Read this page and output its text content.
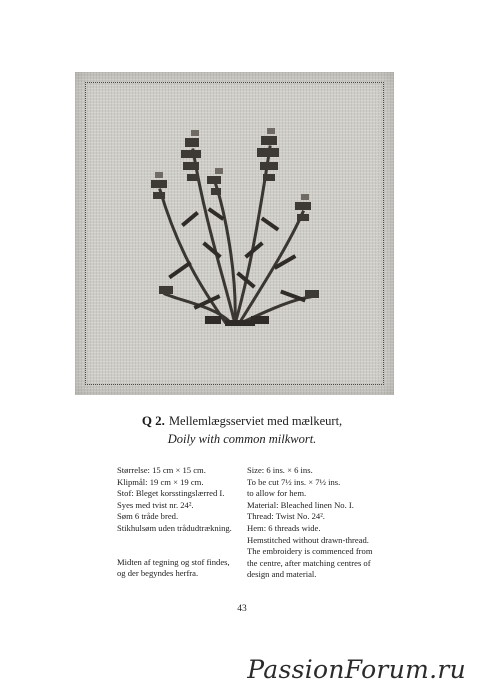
Q 2. Mellemlægsserviet med mælkeurt,
Doily with common milkwort.
Størrelse: 15 cm × 15 cm.
Klipmål: 19 cm × 19 cm.
Stof: Bleget korsstingslærred I.
Syes med tvist nr. 24².
Søm 6 tråde bred.
Stikhulsøm uden trådudtrækning.
Midten af tegning og stof findes,
og der begyndes herfra.
Size: 6 ins. × 6 ins.
To be cut 7½ ins. × 7½ ins.
to allow for hem.
Material: Bleached linen No. I.
Thread: Twist No. 24².
Hem: 6 threads wide.
Hemstitched without drawn-thread.
The embroidery is commenced from
the centre, after matching centres of
design and material.
43
PassionForum.ru
